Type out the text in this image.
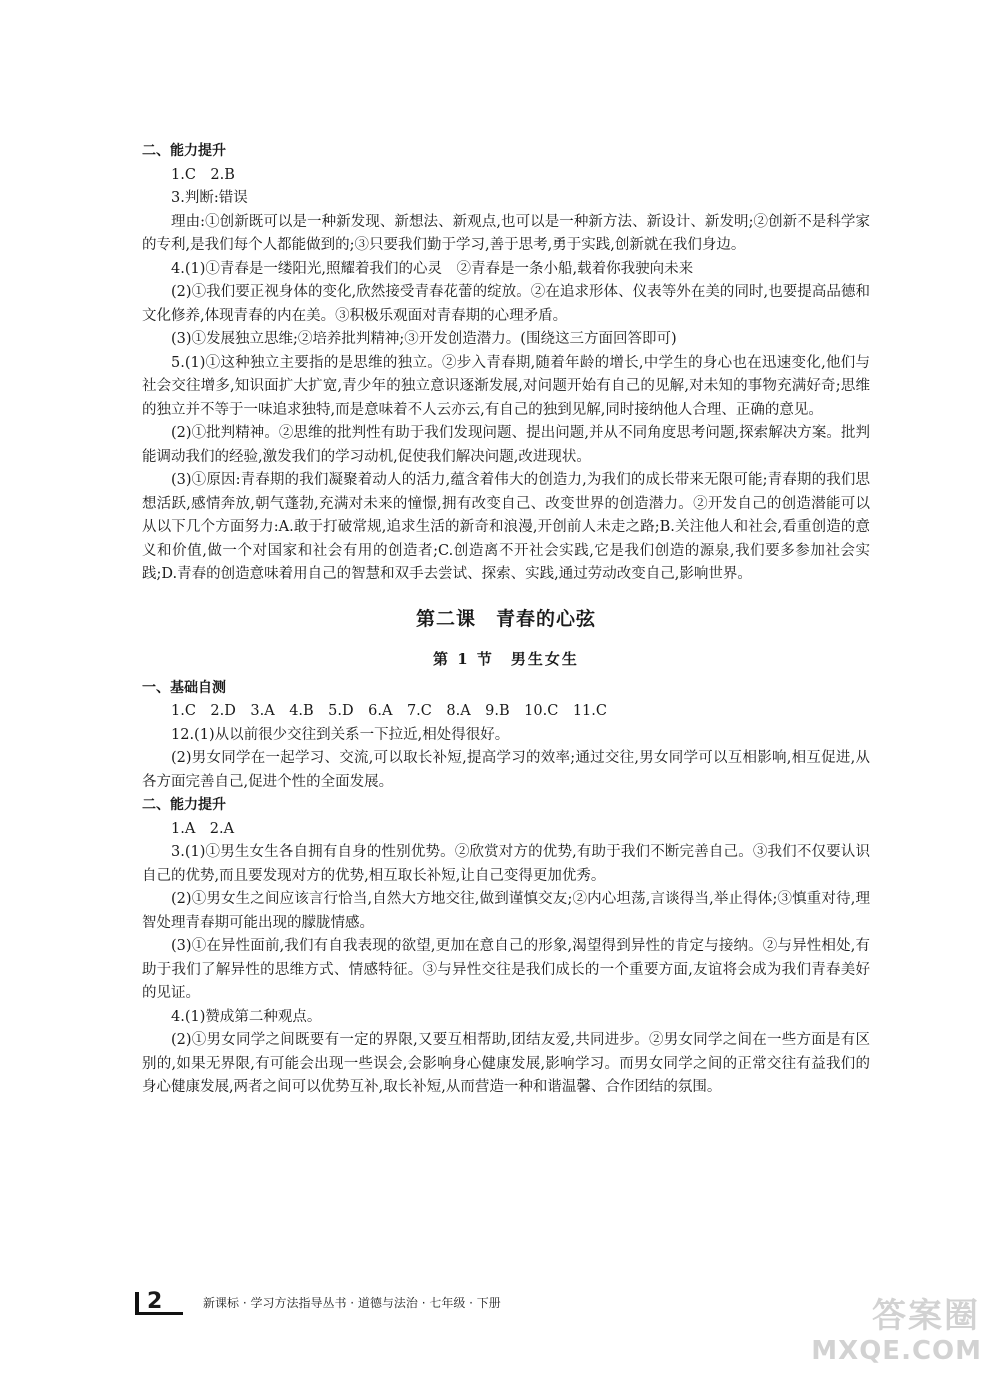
二、能力提升

1.C　2.B

3.判断:错误

理由:①创新既可以是一种新发现、新想法、新观点,也可以是一种新方法、新设计、新发明;②创新不是科学家的专利,是我们每个人都能做到的;③只要我们勤于学习,善于思考,勇于实践,创新就在我们身边。

4.(1)①青春是一缕阳光,照耀着我们的心灵　②青春是一条小船,载着你我驶向未来

(2)①我们要正视身体的变化,欣然接受青春花蕾的绽放。②在追求形体、仪表等外在美的同时,也要提高品德和文化修养,体现青春的内在美。③积极乐观面对青春期的心理矛盾。

(3)①发展独立思维;②培养批判精神;③开发创造潜力。(围绕这三方面回答即可)

5.(1)①这种独立主要指的是思维的独立。②步入青春期,随着年龄的增长,中学生的身心也在迅速变化,他们与社会交往增多,知识面扩大扩宽,青少年的独立意识逐渐发展,对问题开始有自己的见解,对未知的事物充满好奇;思维的独立并不等于一味追求独特,而是意味着不人云亦云,有自己的独到见解,同时接纳他人合理、正确的意见。

(2)①批判精神。②思维的批判性有助于我们发现问题、提出问题,并从不同角度思考问题,探索解决方案。批判能调动我们的经验,激发我们的学习动机,促使我们解决问题,改进现状。

(3)①原因:青春期的我们凝聚着动人的活力,蕴含着伟大的创造力,为我们的成长带来无限可能;青春期的我们思想活跃,感情奔放,朝气蓬勃,充满对未来的憧憬,拥有改变自己、改变世界的创造潜力。②开发自己的创造潜能可以从以下几个方面努力:A.敢于打破常规,追求生活的新奇和浪漫,开创前人未走之路;B.关注他人和社会,看重创造的意义和价值,做一个对国家和社会有用的创造者;C.创造离不开社会实践,它是我们创造的源泉,我们要多参加社会实践;D.青春的创造意味着用自己的智慧和双手去尝试、探索、实践,通过劳动改变自己,影响世界。

第二课　青春的心弦
第 1 节　男生女生

一、基础自测

1.C　2.D　3.A　4.B　5.D　6.A　7.C　8.A　9.B　10.C　11.C

12.(1)从以前很少交往到关系一下拉近,相处得很好。

(2)男女同学在一起学习、交流,可以取长补短,提高学习的效率;通过交往,男女同学可以互相影响,相互促进,从各方面完善自己,促进个性的全面发展。

二、能力提升

1.A　2.A

3.(1)①男生女生各自拥有自身的性别优势。②欣赏对方的优势,有助于我们不断完善自己。③我们不仅要认识自己的优势,而且要发现对方的优势,相互取长补短,让自己变得更加优秀。

(2)①男女生之间应该言行恰当,自然大方地交往,做到谨慎交友;②内心坦荡,言谈得当,举止得体;③慎重对待,理智处理青春期可能出现的朦胧情感。

(3)①在异性面前,我们有自我表现的欲望,更加在意自己的形象,渴望得到异性的肯定与接纳。②与异性相处,有助于我们了解异性的思维方式、情感特征。③与异性交往是我们成长的一个重要方面,友谊将会成为我们青春美好的见证。

4.(1)赞成第二种观点。

(2)①男女同学之间既要有一定的界限,又要互相帮助,团结友爱,共同进步。②男女同学之间在一些方面是有区别的,如果无界限,有可能会出现一些误会,会影响身心健康发展,影响学习。而男女同学之间的正常交往有益我们的身心健康发展,两者之间可以优势互补,取长补短,从而营造一种和谐温馨、合作团结的氛围。

2	新课标 · 学习方法指导丛书 · 道德与法治 · 七年级 · 下册	答案圈
MXQE.COM
